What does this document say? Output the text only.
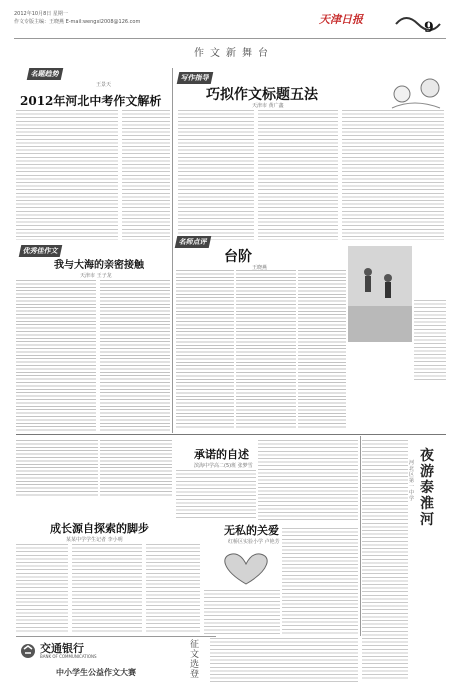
2012年10月8日 星期一
作文专版主编：王晓燕 E-mail:wengxl2008@126.com	天津日报
9
作文新舞台
名题趋势
2012年河北中考作文解析
王景天
写作指导
巧拟作文标题五法
天津市 黄广鑫
优秀佳作文
我与大海的亲密接触
天津市 王子龙
名师点评
台阶
王晓燕
承诺的自述
滨海中学高二(5)班 张梦雪
夜游泰淮河
河北区第一中学
成长源自探索的脚步
某某中学学生记者 李小明
无私的关爱
红桥区实验小学 卢艳芳
交通银行
BANK OF COMMUNICATIONS
中小学生公益作文大赛
征文选登
